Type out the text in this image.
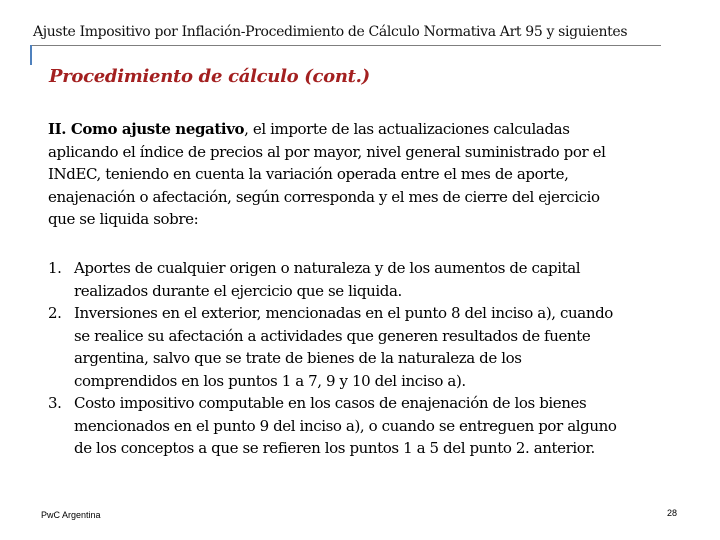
Ajuste Impositivo por Inflación-Procedimiento de Cálculo Normativa Art 95 y siguientes
Procedimiento de cálculo (cont.)
II. Como ajuste negativo, el importe de las actualizaciones calculadas
aplicando el índice de precios al por mayor, nivel general suministrado por el
INdEC, teniendo en cuenta la variación operada entre el mes de aporte,
enajenación o afectación, según corresponda y el mes de cierre del ejercicio
que se liquida sobre:
1. Aportes de cualquier origen o naturaleza y de los aumentos de capital
realizados durante el ejercicio que se liquida.
2. Inversiones en el exterior, mencionadas en el punto 8 del inciso a), cuando
se realice su afectación a actividades que generen resultados de fuente
argentina, salvo que se trate de bienes de la naturaleza de los
comprendidos en los puntos 1 a 7, 9 y 10 del inciso a).
3. Costo impositivo computable en los casos de enajenación de los bienes
mencionados en el punto 9 del inciso a), o cuando se entreguen por alguno
de los conceptos a que se refieren los puntos 1 a 5 del punto 2. anterior.
PwC Argentina	28
